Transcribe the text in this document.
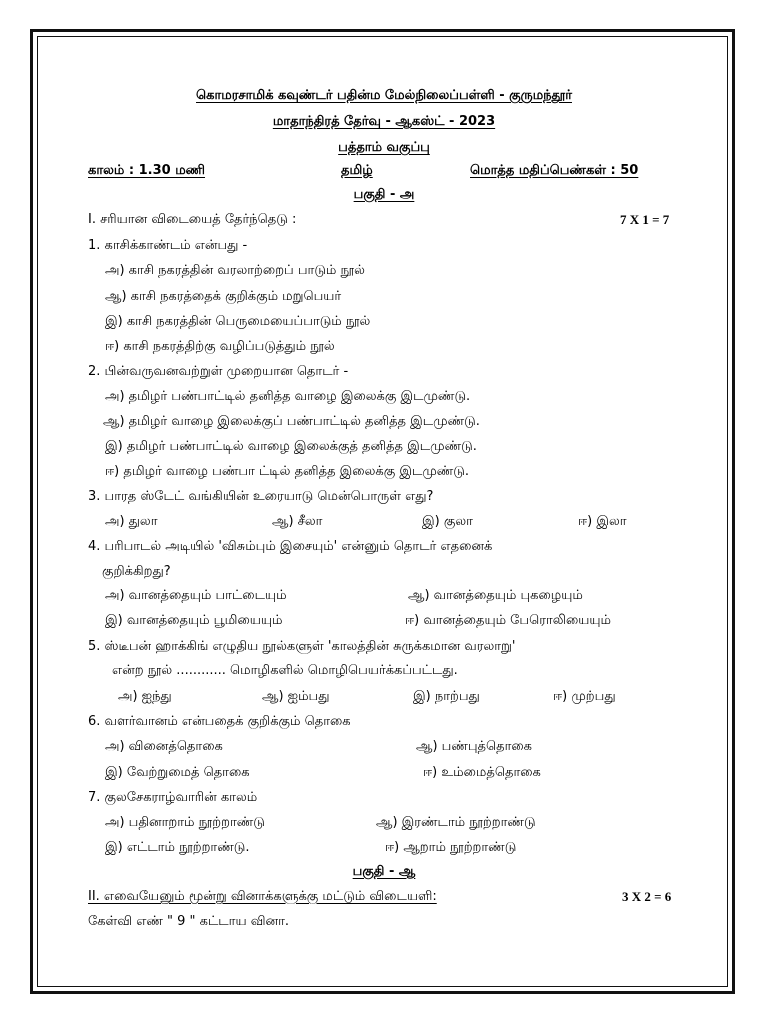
கொமரசாமிக் கவுண்டர் பதின்ம மேல்நிலைப்பள்ளி - குருமந்தூர்
மாதாந்திரத் தேர்வு - ஆகஸ்ட் - 2023
பத்தாம் வகுப்பு
காலம் : 1.30 மணி	தமிழ்	மொத்த மதிப்பெண்கள் : 50
பகுதி - அ
I. சரியான விடையைத் தேர்ந்தெடு :	7 X 1 = 7
1. காசிக்காண்டம் என்பது -
அ) காசி நகரத்தின் வரலாற்றைப் பாடும் நூல்
ஆ) காசி நகரத்தைக் குறிக்கும் மறுபெயர்
இ) காசி நகரத்தின் பெருமையைப்பாடும் நூல்
ஈ) காசி நகரத்திற்கு வழிப்படுத்தும் நூல்
2. பின்வருவனவற்றுள் முறையான தொடர் -
அ) தமிழர் பண்பாட்டில் தனித்த வாழை இலைக்கு இடமுண்டு.
ஆ) தமிழர் வாழை இலைக்குப் பண்பாட்டில் தனித்த இடமுண்டு.
இ) தமிழர் பண்பாட்டில் வாழை இலைக்குத் தனித்த இடமுண்டு.
ஈ) தமிழர் வாழை பண்பா ட்டில் தனித்த இலைக்கு இடமுண்டு.
3. பாரத ஸ்டேட் வங்கியின் உரையாடு மென்பொருள் எது?
அ) துலா	ஆ) சீலா	இ) குலா	ஈ) இலா
4. பரிபாடல் அடியில் 'விசும்பும் இசையும்' என்னும் தொடர் எதனைக்
குறிக்கிறது?
அ) வானத்தையும் பாட்டையும்	ஆ) வானத்தையும் புகழையும்
இ) வானத்தையும் பூமியையும்	ஈ) வானத்தையும் பேரொலியையும்
5. ஸ்டீபன் ஹாக்கிங் எழுதிய நூல்களுள் 'காலத்தின் சுருக்கமான வரலாறு'
என்ற நூல் ............ மொழிகளில் மொழிபெயர்க்கப்பட்டது.
அ) ஐந்து	ஆ) ஐம்பது	இ) நாற்பது	ஈ) முற்பது
6. வளர்வானம் என்பதைக் குறிக்கும் தொகை
அ) வினைத்தொகை	ஆ) பண்புத்தொகை
இ) வேற்றுமைத் தொகை	ஈ) உம்மைத்தொகை
7. குலசேகராழ்வாரின் காலம்
அ) பதினாறாம் நூற்றாண்டு	ஆ) இரண்டாம் நூற்றாண்டு
இ) எட்டாம் நூற்றாண்டு.	ஈ) ஆறாம் நூற்றாண்டு
பகுதி - ஆ
II. எவையேனும் மூன்று வினாக்களுக்கு மட்டும் விடையளி:	3 X 2 = 6
கேள்வி எண் " 9 " கட்டாய வினா.
